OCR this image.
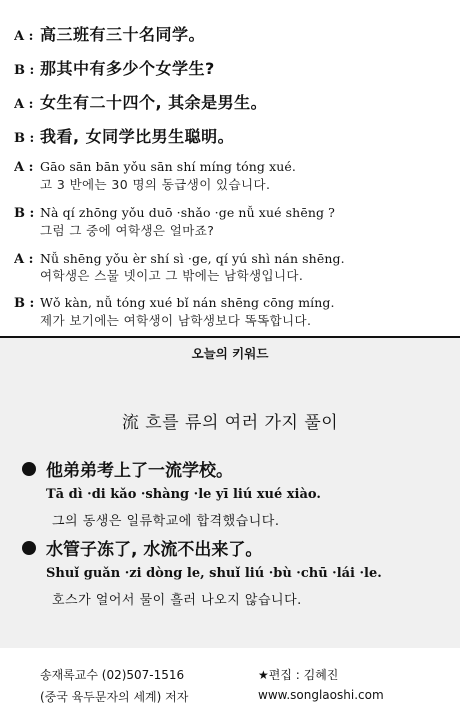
A : 高三班有三十名同学。
B : 那其中有多少个女学生?
A : 女生有二十四个, 其余是男生。
B : 我看, 女同学比男生聪明。
A : Gāo sān bān yǒu sān shí míng tóng xué.
고 3 반에는 30 명의 동급생이 있습니다.
B : Nà qí zhōng yǒu duō ·shǎo ·ge nǚ xué shēng ?
그럼 그 중에 여학생은 얼마죠?
A : Nǚ shēng yǒu èr shí sì ·ge, qí yú shì nán shēng.
여학생은 스물 넷이고 그 밖에는 남학생입니다.
B : Wǒ kàn, nǚ tóng xué bǐ nán shēng cōng míng.
제가 보기에는 여학생이 남학생보다 똑똑합니다.
오늘의 키워드
流 흐를 류의 여러 가지 풀이
他弟弟考上了一流学校。
Tā dì ·di kǎo ·shàng ·le yī liú xué xiào.
그의 동생은 일류학교에 합격했습니다.
水管子冻了, 水流不出来了。
Shuǐ guǎn ·zi dòng le, shuǐ liú ·bù ·chū ·lái ·le.
호스가 얼어서 물이 흘러 나오지 않습니다.
송재록교수 (02)507-1516
(중국 육두문자의 세계) 저자
★편집 : 김혜진
www.songlaoshi.com
